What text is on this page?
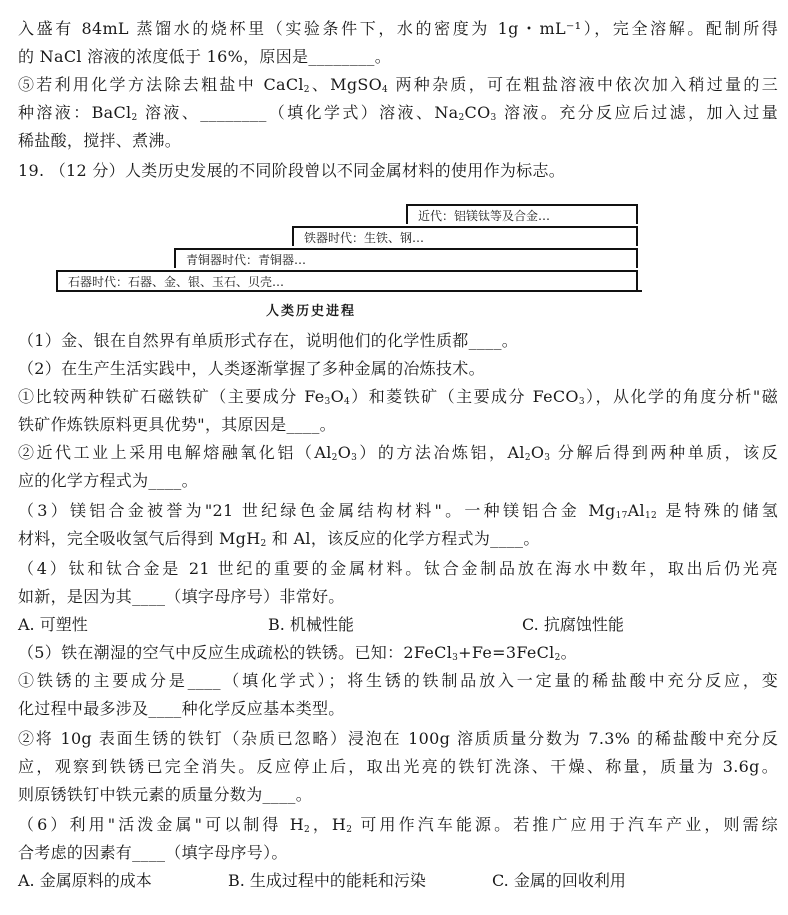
入盛有 84mL 蒸馏水的烧杯里（实验条件下，水的密度为 1g・mL⁻¹），完全溶解。配制所得
的 NaCl 溶液的浓度低于 16%，原因是________。
⑤若利用化学方法除去粗盐中 CaCl$_2$、MgSO$_4$ 两种杂质，可在粗盐溶液中依次加入稍过量的三
种溶液：BaCl$_2$ 溶液、________（填化学式）溶液、$Na_2CO_3$ 溶液。充分反应后过滤，加入过量
稀盐酸，搅拌、煮沸。
19. （12 分）人类历史发展的不同阶段曾以不同金属材料的使用作为标志。
近代：铝镁钛等及合金…
铁器时代：生铁、钢…
青铜器时代：青铜器…
石器时代：石器、金、银、玉石、贝壳…
人类历史进程
（1）金、银在自然界有单质形式存在，说明他们的化学性质都____。
（2）在生产生活实践中，人类逐渐掌握了多种金属的冶炼技术。
①比较两种铁矿石磁铁矿（主要成分 $Fe_3O_4$）和菱铁矿（主要成分 FeCO$_3$），从化学的角度分析"磁
铁矿作炼铁原料更具优势"，其原因是____。
②近代工业上采用电解熔融氧化铝$(Al_2O_3)$的方法冶炼铝，$Al_2O_3$ 分解后得到两种单质，该反
应的化学方程式为____。
（3）镁铝合金被誉为"21 世纪绿色金属结构材料"。一种镁铝合金 $Mg_{17}Al_{12}$ 是特殊的储氢
材料，完全吸收氢气后得到 MgH$_2$ 和 Al，该反应的化学方程式为____。
（4）钛和钛合金是 21 世纪的重要的金属材料。钛合金制品放在海水中数年，取出后仍光亮
如新，是因为其____（填字母序号）非常好。
A. 可塑性	B. 机械性能	C. 抗腐蚀性能
（5）铁在潮湿的空气中反应生成疏松的铁锈。已知：2FeCl$_3$+Fe=3FeCl$_2$。
①铁锈的主要成分是____（填化学式）；将生锈的铁制品放入一定量的稀盐酸中充分反应，变
化过程中最多涉及____种化学反应基本类型。
②将 10g 表面生锈的铁钉（杂质已忽略）浸泡在 100g 溶质质量分数为 7.3% 的稀盐酸中充分反
应，观察到铁锈已完全消失。反应停止后，取出光亮的铁钉洗涤、干燥、称量，质量为 3.6g。
则原锈铁钉中铁元素的质量分数为____。
（6）利用"活泼金属"可以制得 $H_2$，$H_2$ 可用作汽车能源。若推广应用于汽车产业，则需综
合考虑的因素有____（填字母序号）。
A. 金属原料的成本	B. 生成过程中的能耗和污染	C. 金属的回收利用
